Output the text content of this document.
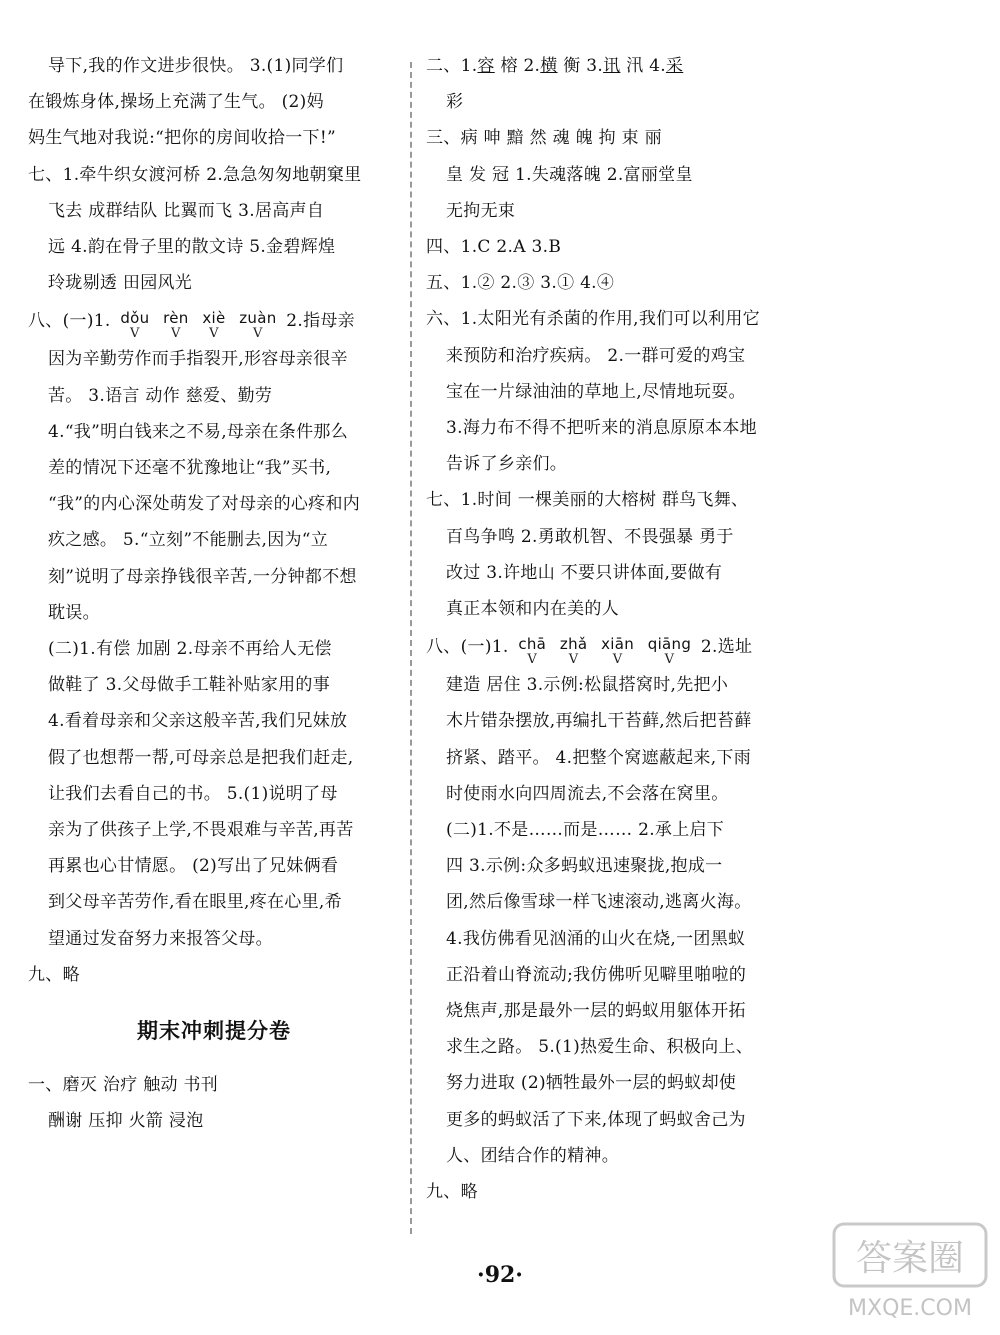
导下,我的作文进步很快。 3.(1)同学们
在锻炼身体,操场上充满了生气。 (2)妈
妈生气地对我说:“把你的房间收拾一下!”
七、1.牵牛织女渡河桥 2.急急匆匆地朝窠里
飞去 成群结队 比翼而飞 3.居高声自
远 4.韵在骨子里的散文诗 5.金碧辉煌
玲珑剔透 田园风光
八、(一)1. dǒu
V

rèn
V

xiè
V

zuàn
V
2.指母亲
因为辛勤劳作而手指裂开,形容母亲很辛
苦。 3.语言 动作 慈爱、勤劳
4.“我”明白钱来之不易,母亲在条件那么
差的情况下还毫不犹豫地让“我”买书,
“我”的内心深处萌发了对母亲的心疼和内
疚之感。 5.“立刻”不能删去,因为“立
刻”说明了母亲挣钱很辛苦,一分钟都不想
耽误。
(二)1.有偿 加剧 2.母亲不再给人无偿
做鞋了 3.父母做手工鞋补贴家用的事
4.看着母亲和父亲这般辛苦,我们兄妹放
假了也想帮一帮,可母亲总是把我们赶走,
让我们去看自己的书。 5.(1)说明了母
亲为了供孩子上学,不畏艰难与辛苦,再苦
再累也心甘情愿。 (2)写出了兄妹俩看
到父母辛苦劳作,看在眼里,疼在心里,希
望通过发奋努力来报答父母。
九、略
期末冲刺提分卷
一、磨灭 治疗 触动 书刊
酬谢 压抑 火箭 浸泡
二、1.容 榕 2.横 衡 3.讯 汛 4.采
彩
三、病 呻 黯 然 魂 魄 拘 束 丽
皇 发 冠 1.失魂落魄 2.富丽堂皇
无拘无束
四、1.C 2.A 3.B
五、1.② 2.③ 3.① 4.④
六、1.太阳光有杀菌的作用,我们可以利用它
来预防和治疗疾病。 2.一群可爱的鸡宝
宝在一片绿油油的草地上,尽情地玩耍。
3.海力布不得不把听来的消息原原本本地
告诉了乡亲们。
七、1.时间 一棵美丽的大榕树 群鸟飞舞、
百鸟争鸣 2.勇敢机智、不畏强暴 勇于
改过 3.许地山 不要只讲体面,要做有
真正本领和内在美的人
八、(一)1. chā
V

zhǎ
V

xiān
V

qiāng
V
2.选址
建造 居住 3.示例:松鼠搭窝时,先把小
木片错杂摆放,再编扎干苔藓,然后把苔藓
挤紧、踏平。 4.把整个窝遮蔽起来,下雨
时使雨水向四周流去,不会落在窝里。
(二)1.不是……而是…… 2.承上启下
四 3.示例:众多蚂蚁迅速聚拢,抱成一
团,然后像雪球一样飞速滚动,逃离火海。
4.我仿佛看见汹涌的山火在烧,一团黑蚁
正沿着山脊流动;我仿佛听见噼里啪啦的
烧焦声,那是最外一层的蚂蚁用躯体开拓
求生之路。 5.(1)热爱生命、积极向上、
努力进取 (2)牺牲最外一层的蚂蚁却使
更多的蚂蚁活了下来,体现了蚂蚁舍己为
人、团结合作的精神。
九、略
·92·	答案圈
MXQE.COM
